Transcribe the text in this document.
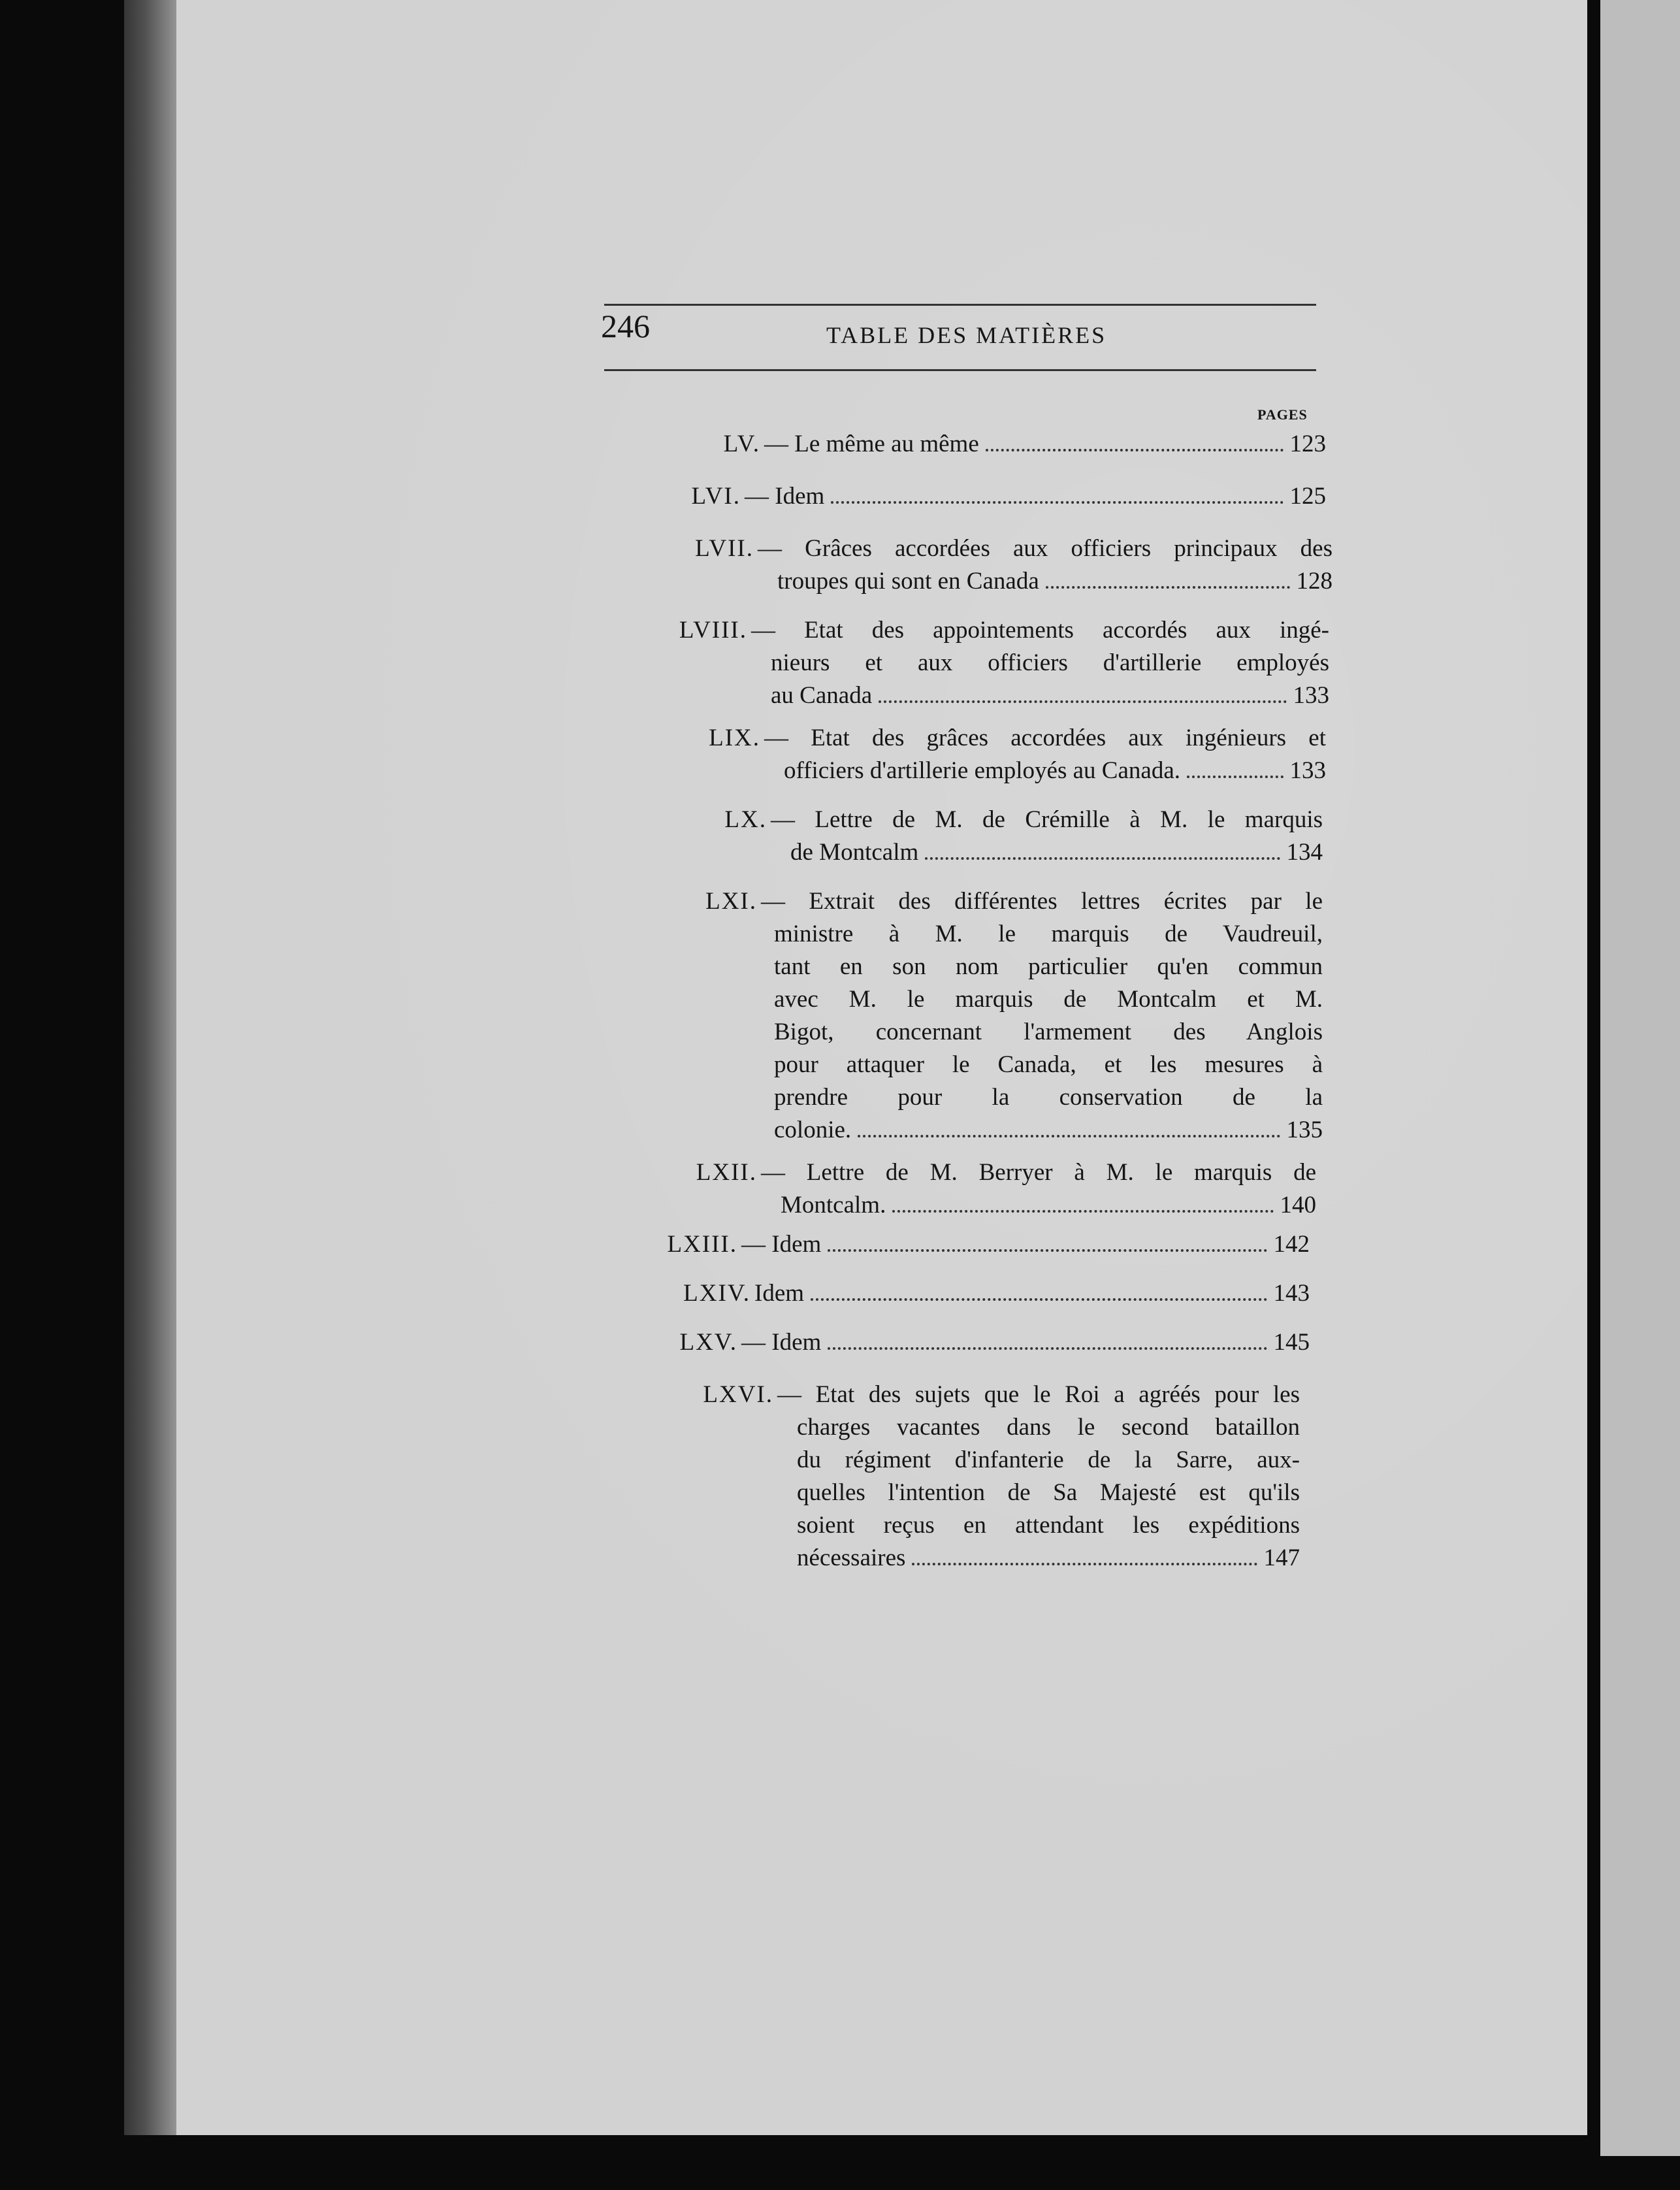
246	TABLE DES MATIÈRES
PAGES
LV. — Le même au même	123
LVI. — Idem	125
LVII. — Grâces accordées aux officiers principaux des
troupes qui sont en Canada	128
LVIII. — Etat des appointements accordés aux ingé-
nieurs et aux officiers d'artillerie employés
au Canada	133
LIX. — Etat des grâces accordées aux ingénieurs et
officiers d'artillerie employés au Canada.	133
LX. — Lettre de M. de Crémille à M. le marquis
de Montcalm	134
LXI. — Extrait des différentes lettres écrites par le
ministre à M. le marquis de Vaudreuil,
tant en son nom particulier qu'en commun
avec M. le marquis de Montcalm et M.
Bigot, concernant l'armement des Anglois
pour attaquer le Canada, et les mesures à
prendre pour la conservation de la
colonie.	135
LXII. — Lettre de M. Berryer à M. le marquis de
Montcalm.	140
LXIII. — Idem	142
LXIV. Idem	143
LXV. — Idem	145
LXVI. — Etat des sujets que le Roi a agréés pour les
charges vacantes dans le second bataillon
du régiment d'infanterie de la Sarre, aux-
quelles l'intention de Sa Majesté est qu'ils
soient reçus en attendant les expéditions
nécessaires	147
